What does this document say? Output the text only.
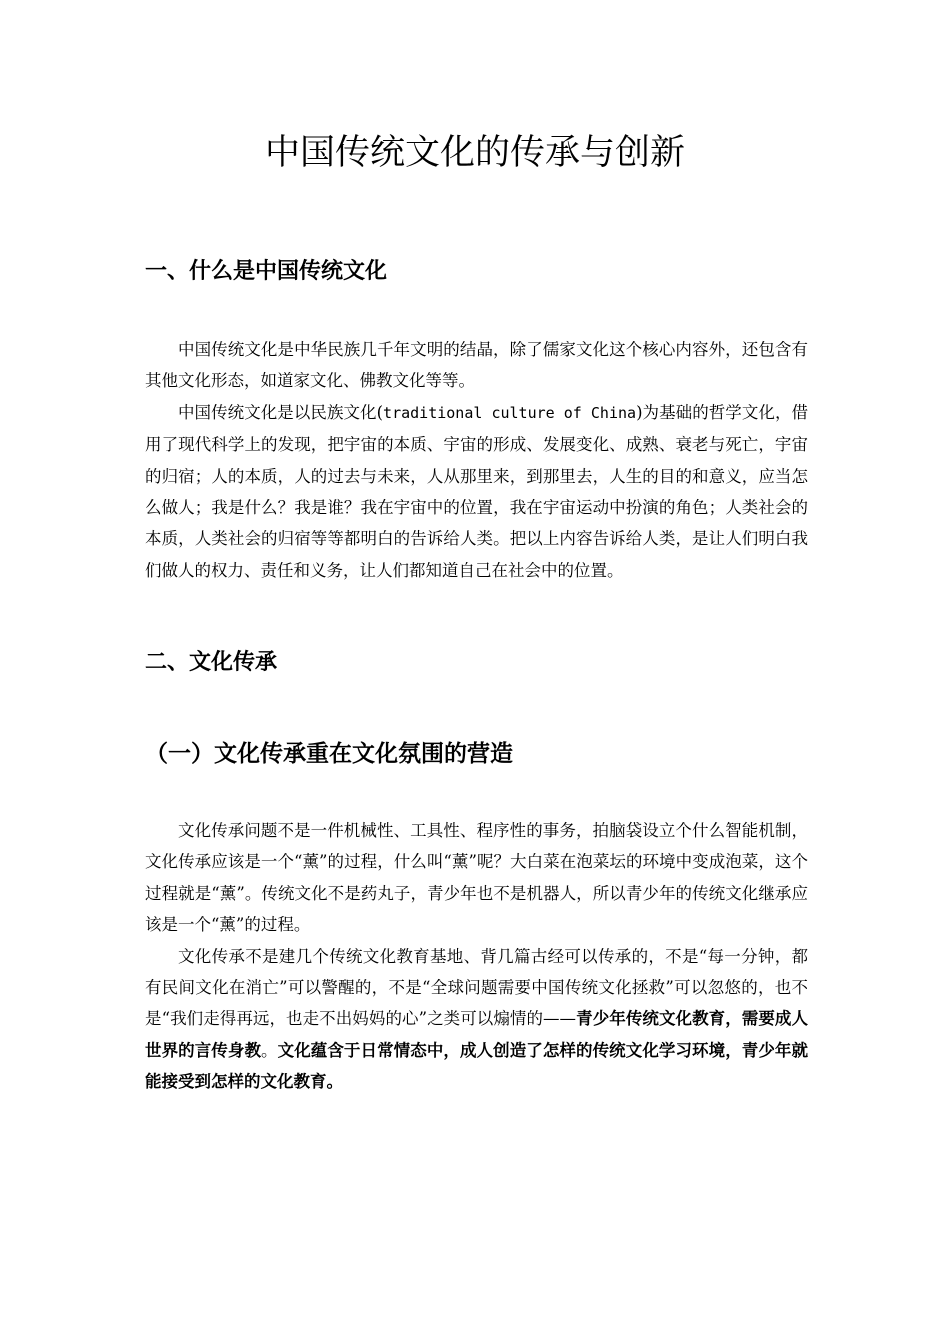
中国传统文化的传承与创新
一、什么是中国传统文化

中国传统文化是中华民族几千年文明的结晶，除了儒家文化这个核心内容外，还包含有其他文化形态，如道家文化、佛教文化等等。

中国传统文化是以民族文化(traditional culture of China)为基础的哲学文化，借用了现代科学上的发现，把宇宙的本质、宇宙的形成、发展变化、成熟、衰老与死亡，宇宙的归宿；人的本质，人的过去与未来，人从那里来，到那里去，人生的目的和意义，应当怎么做人；我是什么？我是谁？我在宇宙中的位置，我在宇宙运动中扮演的角色；人类社会的本质，人类社会的归宿等等都明白的告诉给人类。把以上内容告诉给人类，是让人们明白我们做人的权力、责任和义务，让人们都知道自己在社会中的位置。

二、文化传承
（一）文化传承重在文化氛围的营造

文化传承问题不是一件机械性、工具性、程序性的事务，拍脑袋设立个什么智能机制，文化传承应该是一个“薰”的过程，什么叫“薰”呢？大白菜在泡菜坛的环境中变成泡菜，这个过程就是“薰”。传统文化不是药丸子，青少年也不是机器人，所以青少年的传统文化继承应该是一个“薰”的过程。

文化传承不是建几个传统文化教育基地、背几篇古经可以传承的，不是“每一分钟，都有民间文化在消亡”可以警醒的，不是“全球问题需要中国传统文化拯救”可以忽悠的，也不是“我们走得再远，也走不出妈妈的心”之类可以煽情的——青少年传统文化教育，需要成人世界的言传身教。文化蕴含于日常情态中，成人创造了怎样的传统文化学习环境，青少年就能接受到怎样的文化教育。
